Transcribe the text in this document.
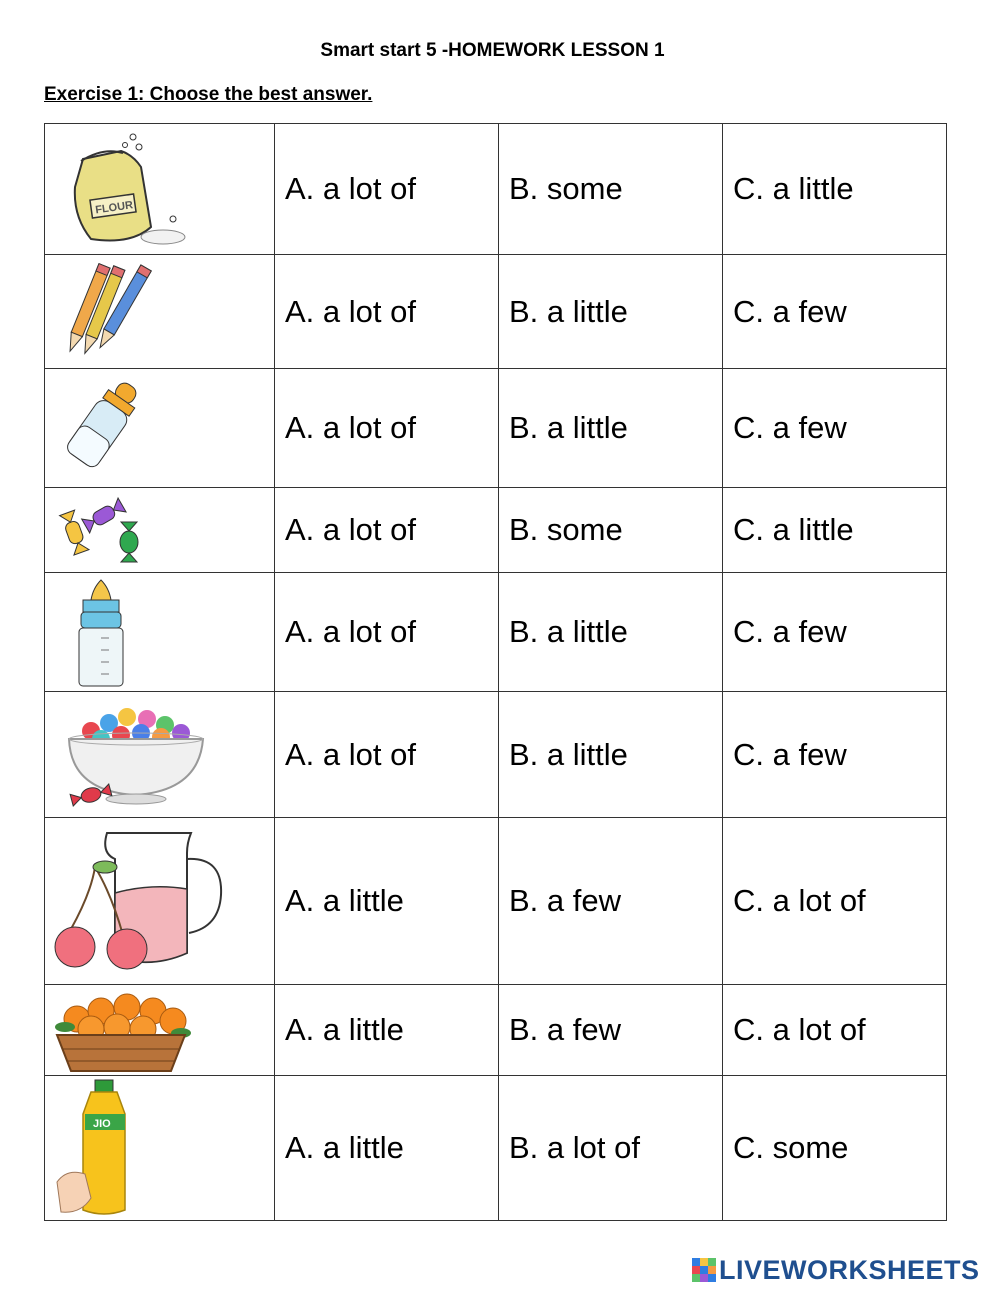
Smart start 5 -HOMEWORK LESSON 1
Exercise 1: Choose the best answer.
FLOUR	A. a lot of	B. some	C. a little

	A. a lot of	B. a little	C. a few

	A. a lot of	B. a little	C. a few

	A. a lot of	B. some	C. a little

	A. a lot of	B. a little	C. a few

	A. a lot of	B. a little	C. a few

	A. a little	B. a few	C. a lot of

	A. a little	B. a few	C. a lot of

JIO	A. a little	B. a lot of	C. some
LIVEWORKSHEETS
